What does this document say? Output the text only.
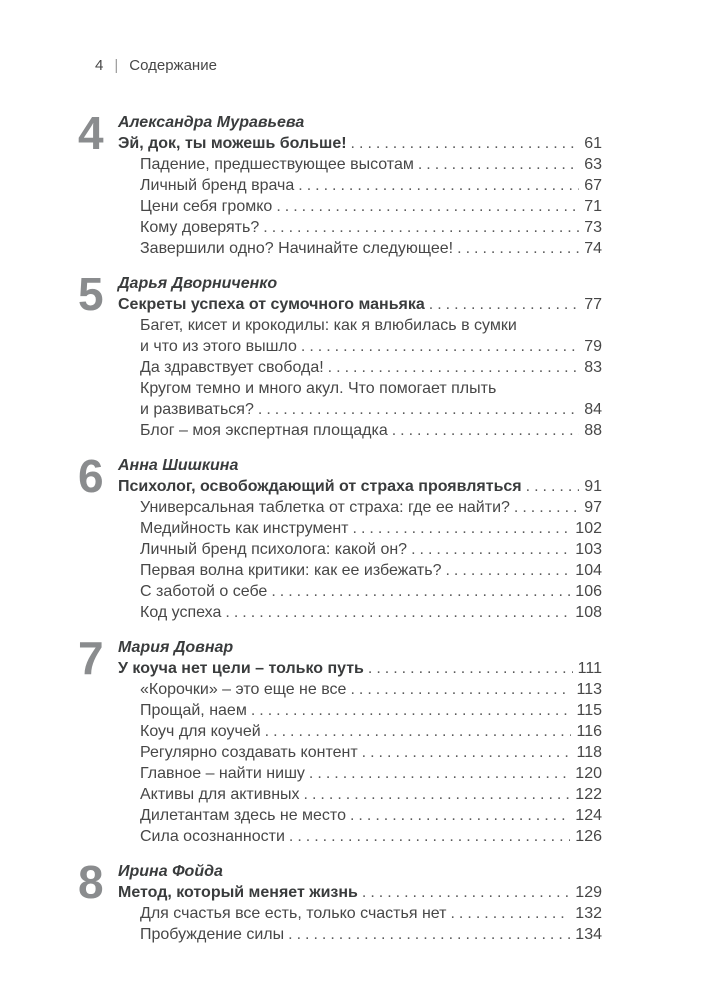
4 | Содержание
4 Александра Муравьева
Эй, док, ты можешь больше! .....	61
Падение, предшествующее высотам .....	63
Личный бренд врача .....	67
Цени себя громко .....	71
Кому доверять? .....	73
Завершили одно? Начинайте следующее! .....	74
5 Дарья Дворниченко
Секреты успеха от сумочного маньяка .....	77
Багет, кисет и крокодилы: как я влюбилась в сумки
и что из этого вышло .....	79
Да здравствует свобода! .....	83
Кругом темно и много акул. Что помогает плыть
и развиваться? .....	84
Блог – моя экспертная площадка .....	88
6 Анна Шишкина
Психолог, освобождающий от страха проявляться .....	91
Универсальная таблетка от страха: где ее найти? .....	97
Медийность как инструмент .....	102
Личный бренд психолога: какой он? .....	103
Первая волна критики: как ее избежать? .....	104
С заботой о себе .....	106
Код успеха .....	108
7 Мария Довнар
У коуча нет цели – только путь .....	111
«Корочки» – это еще не все .....	113
Прощай, наем .....	115
Коуч для коучей .....	116
Регулярно создавать контент .....	118
Главное – найти нишу .....	120
Активы для активных .....	122
Дилетантам здесь не место .....	124
Сила осознанности .....	126
8 Ирина Фойда
Метод, который меняет жизнь .....	129
Для счастья все есть, только счастья нет .....	132
Пробуждение силы .....	134
